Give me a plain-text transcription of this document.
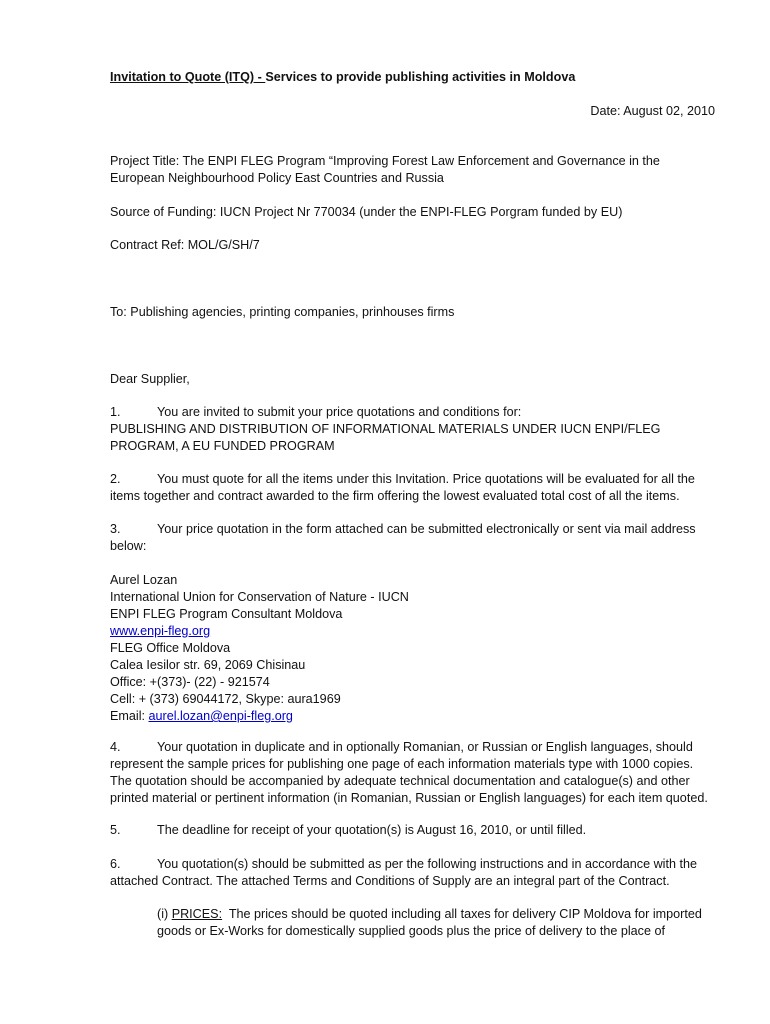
Invitation to Quote (ITQ) - Services to provide publishing activities in Moldova
Date: August 02, 2010
Project Title: The ENPI FLEG Program “Improving Forest Law Enforcement and Governance in the
European Neighbourhood Policy East Countries and Russia
Source of Funding: IUCN Project Nr 770034 (under the ENPI-FLEG Porgram funded by EU)
Contract Ref: MOL/G/SH/7
To: Publishing agencies, printing companies, prinhouses firms
Dear Supplier,
1.	You are invited to submit your price quotations and conditions for:
PUBLISHING AND DISTRIBUTION OF INFORMATIONAL MATERIALS UNDER IUCN ENPI/FLEG
PROGRAM, A EU FUNDED PROGRAM
2.	You must quote for all the items under this Invitation. Price quotations will be evaluated for all the
items together and contract awarded to the firm offering the lowest evaluated total cost of all the items.
3.	Your price quotation in the form attached can be submitted electronically or sent via mail address
below:
Aurel Lozan
International Union for Conservation of Nature - IUCN
ENPI FLEG Program Consultant Moldova
www.enpi-fleg.org
FLEG Office Moldova
Calea Iesilor str. 69, 2069 Chisinau
Office: +(373)- (22) - 921574
Cell: + (373) 69044172, Skype: aura1969
Email: aurel.lozan@enpi-fleg.org
4.	Your quotation in duplicate and in optionally Romanian, or Russian or English languages, should
represent the sample prices for publishing one page of each information materials type with 1000 copies.
The quotation should be accompanied by adequate technical documentation and catalogue(s) and other
printed material or pertinent information (in Romanian, Russian or English languages) for each item quoted.
5.	The deadline for receipt of your quotation(s) is August 16, 2010, or until filled.
6.	You quotation(s) should be submitted as per the following instructions and in accordance with the
attached Contract. The attached Terms and Conditions of Supply are an integral part of the Contract.
(i) PRICES:  The prices should be quoted including all taxes for delivery CIP Moldova for imported
goods or Ex-Works for domestically supplied goods plus the price of delivery to the place of
